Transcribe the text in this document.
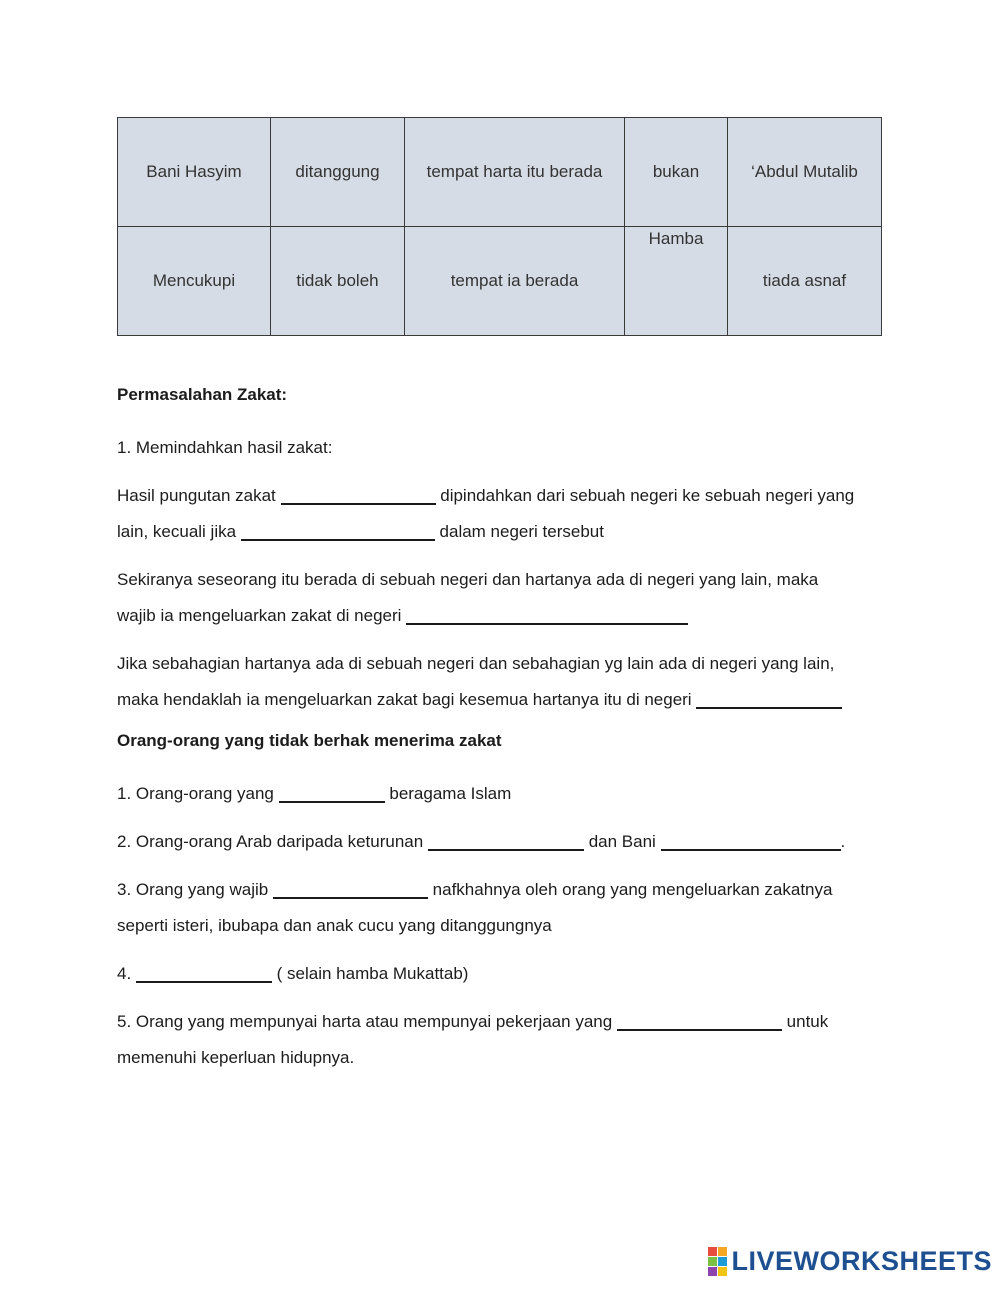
Bani Hasyim	ditanggung	tempat harta itu berada	bukan	‘Abdul Mutalib
Mencukupi	tidak boleh	tempat ia berada	Hamba	tiada asnaf
Permasalahan Zakat:
1. Memindahkan hasil zakat:
Hasil pungutan zakat	dipindahkan dari sebuah negeri ke sebuah negeri yang
lain, kecuali jika	dalam negeri tersebut
Sekiranya seseorang itu berada di sebuah negeri dan hartanya ada di negeri yang lain, maka
wajib ia mengeluarkan zakat di negeri
Jika sebahagian hartanya ada di sebuah negeri dan sebahagian yg lain ada di negeri yang lain,
maka hendaklah ia mengeluarkan zakat bagi kesemua hartanya itu di negeri
Orang-orang yang tidak berhak menerima zakat
1. Orang-orang yang	beragama Islam
2. Orang-orang Arab daripada keturunan	dan Bani	.
3. Orang yang wajib	nafkhahnya oleh orang yang mengeluarkan zakatnya
seperti isteri, ibubapa dan anak cucu yang ditanggungnya
4.	( selain hamba Mukattab)
5. Orang yang mempunyai harta atau mempunyai pekerjaan yang	untuk
memenuhi keperluan hidupnya.
LIVEWORKSHEETS
